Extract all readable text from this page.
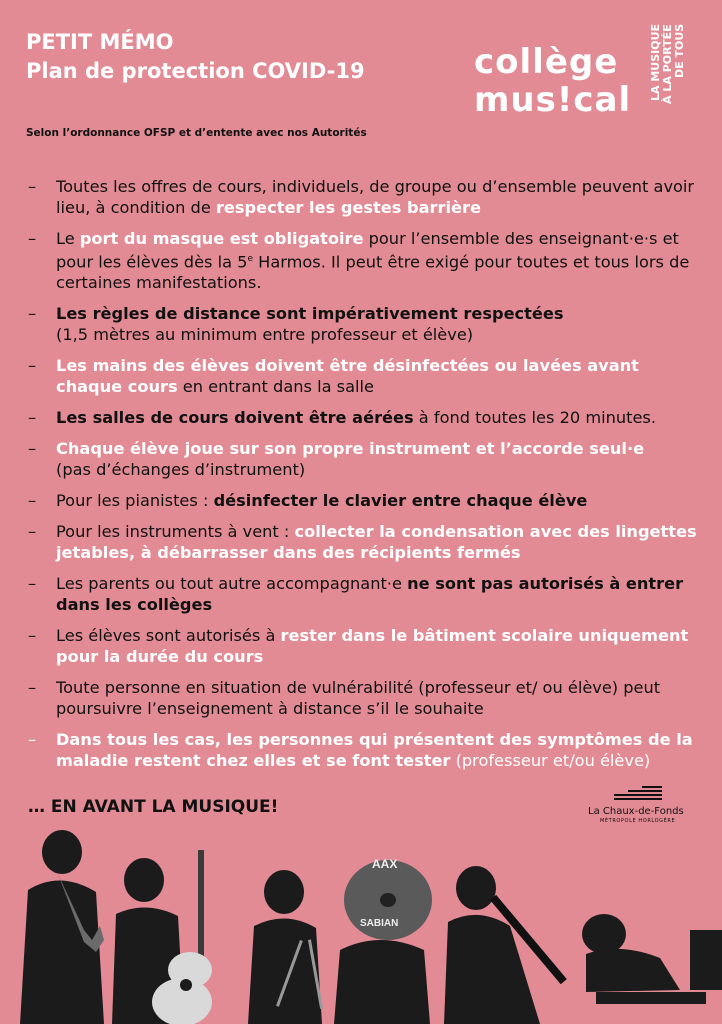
PETIT MÉMO
Plan de protection COVID-19
Selon l’ordonnance OFSP et d’entente avec nos Autorités
collège
mus!cal LA MUSIQUE
À LA PORTÉE
DE TOUS
– Toutes les offres de cours, individuels, de groupe ou d’ensemble peuvent avoir lieu, à condition de respecter les gestes barrière
– Le port du masque est obligatoire pour l’ensemble des enseignant·e·s et pour les élèves dès la 5e Harmos. Il peut être exigé pour toutes et tous lors de certaines manifestations.
– Les règles de distance sont impérativement respectées
(1,5 mètres au minimum entre professeur et élève)
– Les mains des élèves doivent être désinfectées ou lavées avant chaque cours en entrant dans la salle
– Les salles de cours doivent être aérées à fond toutes les 20 minutes.
– Chaque élève joue sur son propre instrument et l’accorde seul·e
(pas d’échanges d’instrument)
– Pour les pianistes : désinfecter le clavier entre chaque élève
– Pour les instruments à vent : collecter la condensation avec des lingettes jetables, à débarrasser dans des récipients fermés
– Les parents ou tout autre accompagnant·e ne sont pas autorisés à entrer dans les collèges
– Les élèves sont autorisés à rester dans le bâtiment scolaire uniquement pour la durée du cours
– Toute personne en situation de vulnérabilité (professeur et/ ou élève) peut poursuivre l’enseignement à distance s’il le souhaite
– Dans tous les cas, les personnes qui présentent des symptômes de la maladie restent chez elles et se font tester (professeur et/ou élève)
… EN AVANT LA MUSIQUE!	La Chaux-de-Fonds
MÉTROPOLE HORLOGÈRE
AAX
SABIAN
